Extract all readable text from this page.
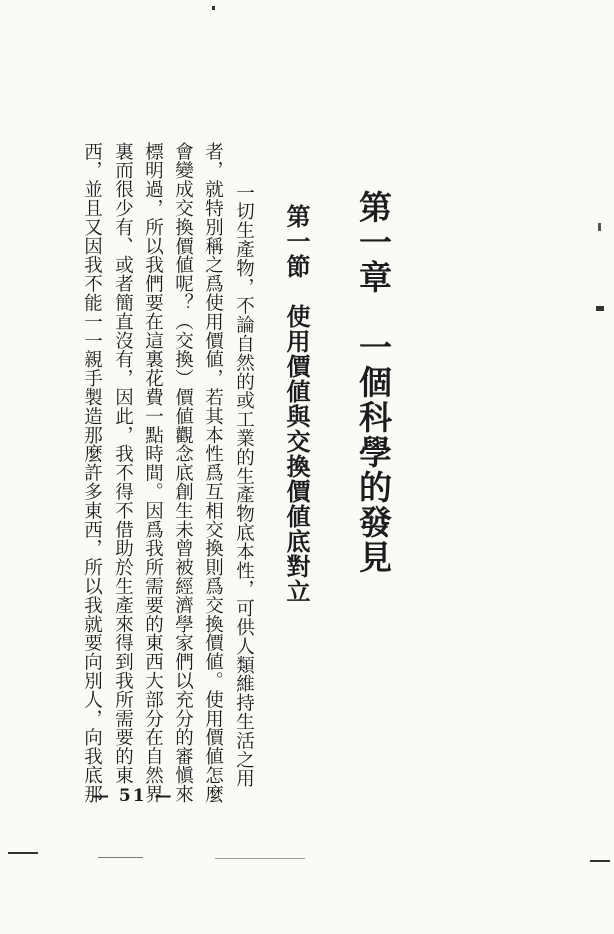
第一章　一個科學的發見
第一節　使用價値與交換價値底對立

一切生產物，不論自然的或工業的生產物底本性，可供人類維持生活之用

者，就特別稱之爲使用價値，若其本性爲互相交換則爲交換價値。使用價値怎麼

會變成交換價値呢？（交換）價値觀念底創生未曾被經濟學家們以充分的審愼來

標明過，所以我們要在這裏花費一點時間。因爲我所需要的東西大部分在自然界

裏而很少有、或者簡直沒有，因此，我不得不借助於生產來得到我所需要的東

西，並且又因我不能一一親手製造那麼許多東西，所以我就要向別人，向我底那

— 51 —
